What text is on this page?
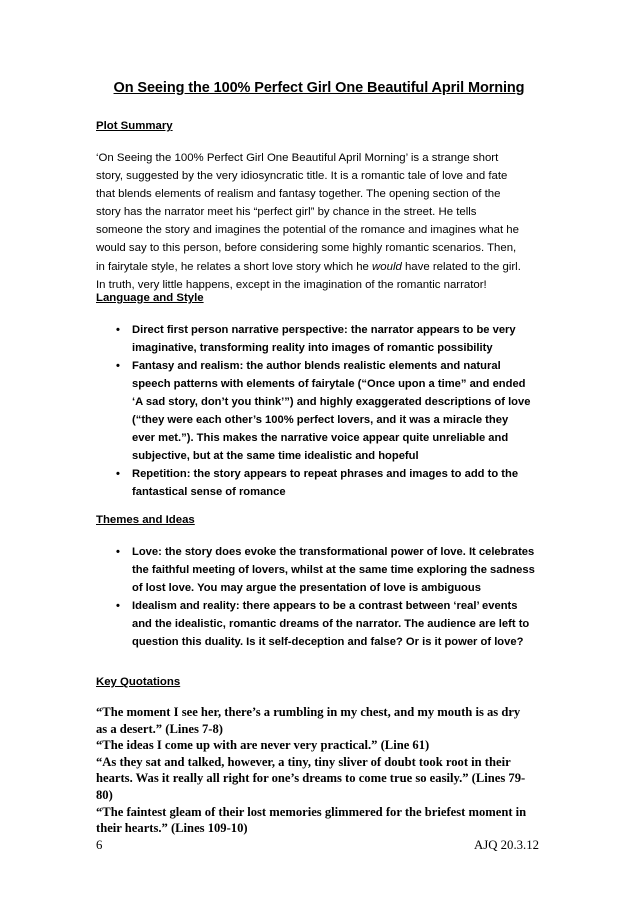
On Seeing the 100% Perfect Girl One Beautiful April Morning
Plot Summary

‘On Seeing the 100% Perfect Girl One Beautiful April Morning’ is a strange short

story, suggested by the very idiosyncratic title. It is a romantic tale of love and fate

that blends elements of realism and fantasy together. The opening section of the

story has the narrator meet his “perfect girl” by chance in the street. He tells

someone the story and imagines the potential of the romance and imagines what he

would say to this person, before considering some highly romantic scenarios. Then,

in fairytale style, he relates a short love story which he would have related to the girl.

In truth, very little happens, except in the imagination of the romantic narrator!

Language and Style
• Direct first person narrative perspective: the narrator appears to be very

imaginative, transforming reality into images of romantic possibility

• Fantasy and realism: the author blends realistic elements and natural

speech patterns with elements of fairytale (“Once upon a time” and ended

‘A sad story, don’t you think’”) and highly exaggerated descriptions of love

(“they were each other’s 100% perfect lovers, and it was a miracle they

ever met.”). This makes the narrative voice appear quite unreliable and

subjective, but at the same time idealistic and hopeful

• Repetition: the story appears to repeat phrases and images to add to the

fantastical sense of romance

Themes and Ideas
• Love: the story does evoke the transformational power of love. It celebrates

the faithful meeting of lovers, whilst at the same time exploring the sadness

of lost love. You may argue the presentation of love is ambiguous

• Idealism and reality: there appears to be a contrast between ‘real’ events

and the idealistic, romantic dreams of the narrator. The audience are left to

question this duality. Is it self-deception and false? Or is it power of love?

Key Quotations

“The moment I see her, there’s a rumbling in my chest, and my mouth is as dry

as a desert.” (Lines 7-8)

“The ideas I come up with are never very practical.” (Line 61)

“As they sat and talked, however, a tiny, tiny sliver of doubt took root in their

hearts. Was it really all right for one’s dreams to come true so easily.” (Lines 79-

80)

“The faintest gleam of their lost memories glimmered for the briefest moment in

their hearts.” (Lines 109-10)

6	AJQ 20.3.12
